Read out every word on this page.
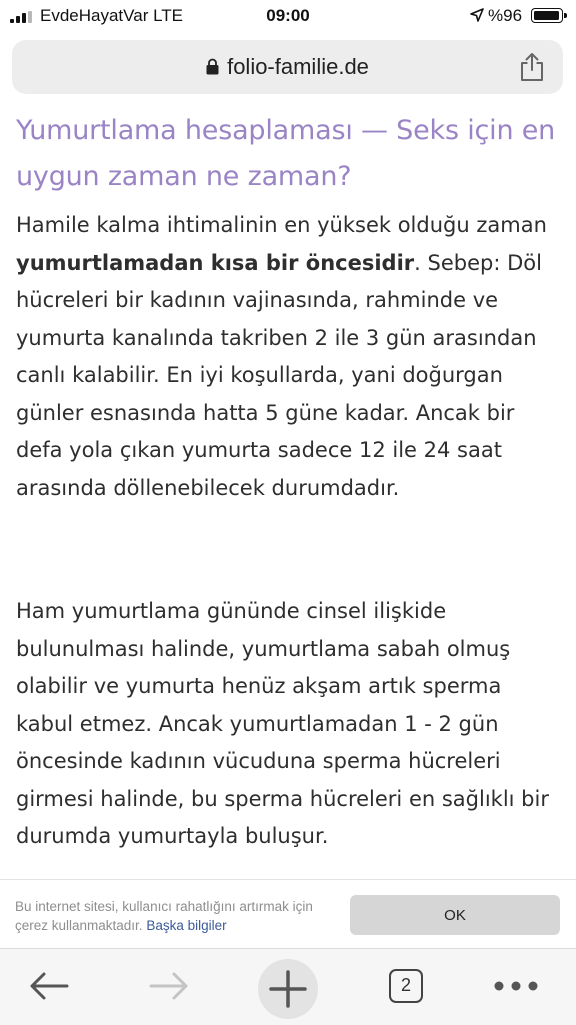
EvdeHayatVar LTE	09:00	%96
folio-familie.de
Yumurtlama hesaplaması — Seks için en uygun zaman ne zaman?

Hamile kalma ihtimalinin en yüksek olduğu zaman yumurtlamadan kısa bir öncesidir. Sebep: Döl hücreleri bir kadının vajinasında, rahminde ve yumurta kanalında takriben 2 ile 3 gün arasından canlı kalabilir. En iyi koşullarda, yani doğurgan günler esnasında hatta 5 güne kadar. Ancak bir defa yola çıkan yumurta sadece 12 ile 24 saat arasında döllenebilecek durumdadır.

Ham yumurtlama gününde cinsel ilişkide bulunulması halinde, yumurtlama sabah olmuş olabilir ve yumurta henüz akşam artık sperma kabul etmez. Ancak yumurtlamadan 1 - 2 gün öncesinde kadının vücuduna sperma hücreleri girmesi halinde, bu sperma hücreleri en sağlıklı bir durumda yumurtayla buluşur.

Bu internet sitesi, kullanıcı rahatlığını artırmak için çerez kullanmaktadır. Başka bilgiler
OK
2
